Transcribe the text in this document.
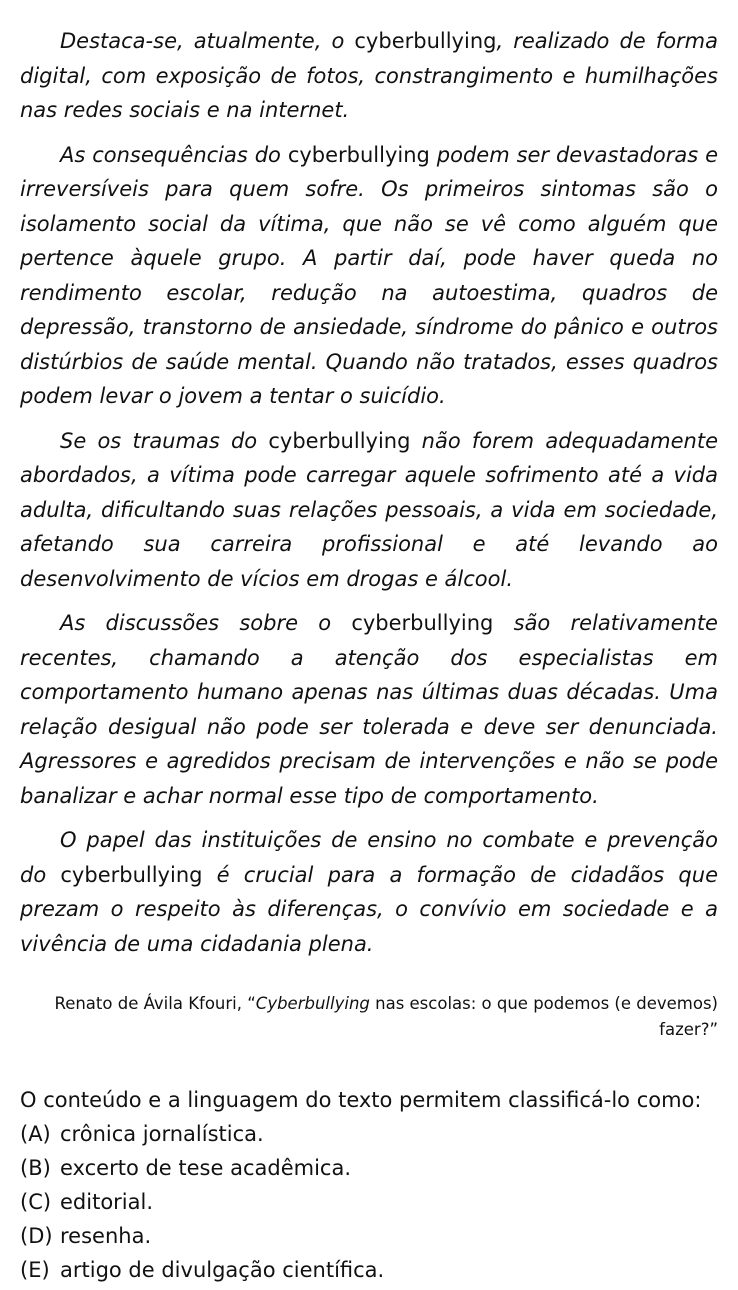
Destaca-se, atualmente, o cyberbullying, realizado de forma digital, com exposição de fotos, constrangimento e humilhações nas redes sociais e na internet.

As consequências do cyberbullying podem ser devastadoras e irreversíveis para quem sofre. Os primeiros sintomas são o isolamento social da vítima, que não se vê como alguém que pertence àquele grupo. A partir daí, pode haver queda no rendimento escolar, redução na autoestima, quadros de depressão, transtorno de ansiedade, síndrome do pânico e outros distúrbios de saúde mental. Quando não tratados, esses quadros podem levar o jovem a tentar o suicídio.

Se os traumas do cyberbullying não forem adequadamente abordados, a vítima pode carregar aquele sofrimento até a vida adulta, dificultando suas relações pessoais, a vida em sociedade, afetando sua carreira profissional e até levando ao desenvolvimento de vícios em drogas e álcool.

As discussões sobre o cyberbullying são relativamente recentes, chamando a atenção dos especialistas em comportamento humano apenas nas últimas duas décadas. Uma relação desigual não pode ser tolerada e deve ser denunciada. Agressores e agredidos precisam de intervenções e não se pode banalizar e achar normal esse tipo de comportamento.

O papel das instituições de ensino no combate e prevenção do cyberbullying é crucial para a formação de cidadãos que prezam o respeito às diferenças, o convívio em sociedade e a vivência de uma cidadania plena.

Renato de Ávila Kfouri, “Cyberbullying nas escolas: o que podemos (e devemos) fazer?”
O conteúdo e a linguagem do texto permitem classificá-lo como:
(A) crônica jornalística.
(B) excerto de tese acadêmica.
(C) editorial.
(D) resenha.
(E) artigo de divulgação científica.
